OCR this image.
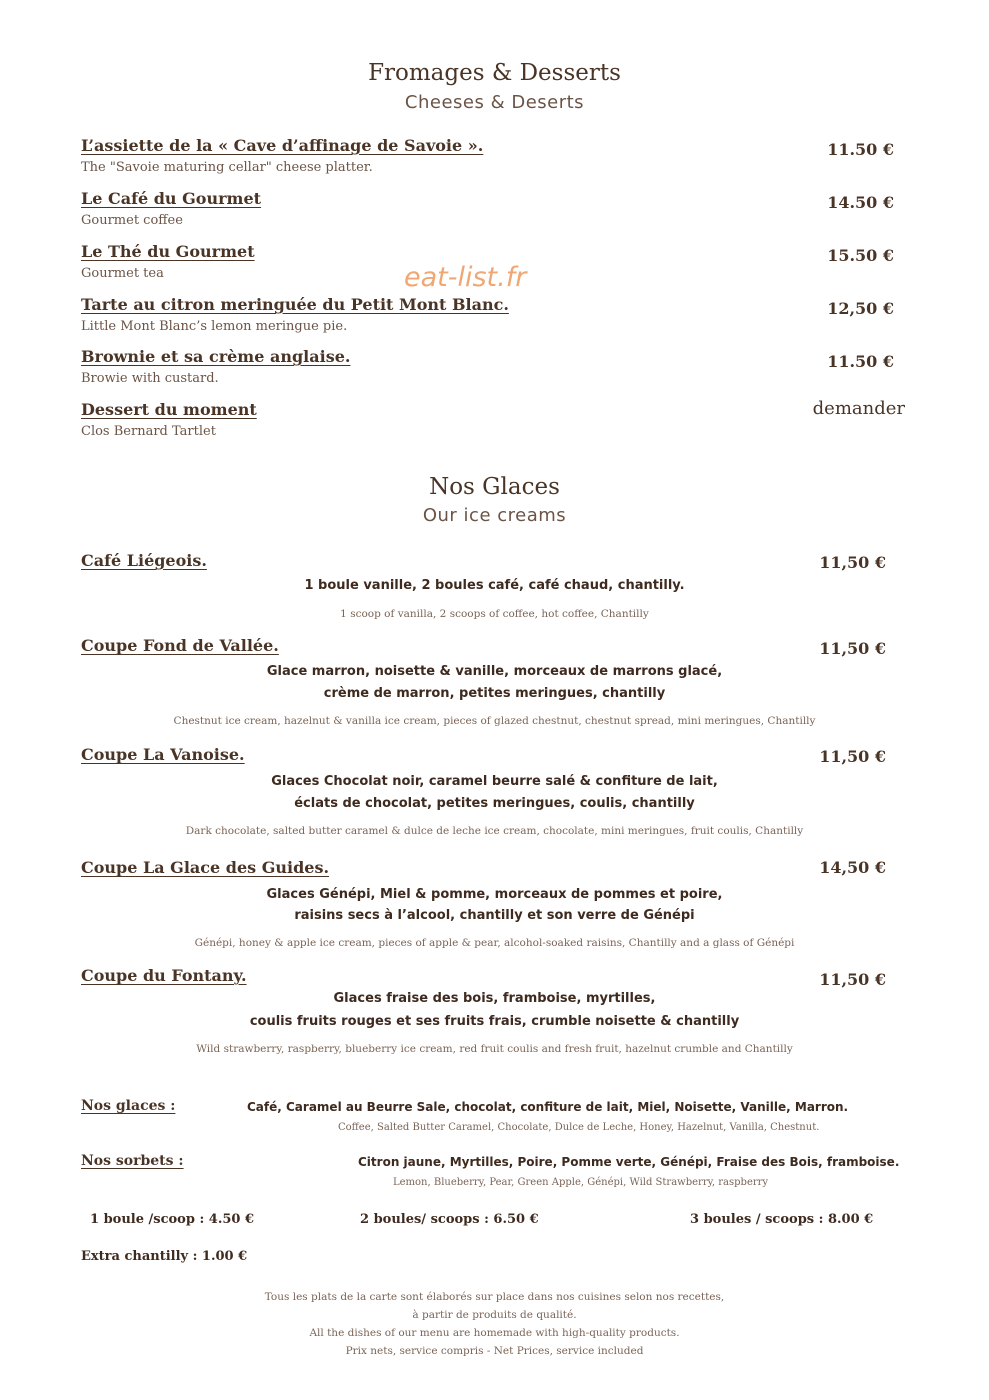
Fromages & Desserts
Cheeses & Deserts
eat-list.fr
L’assiette de la « Cave d’affinage de Savoie ».
The "Savoie maturing cellar" cheese platter.
11.50 €
Le Café du Gourmet
Gourmet coffee
14.50 €
Le Thé du Gourmet
Gourmet tea
15.50 €
Tarte au citron meringuée du Petit Mont Blanc.
Little Mont Blanc’s lemon meringue pie.
12,50 €
Brownie et sa crème anglaise.
Browie with custard.
11.50 €
Dessert du moment
Clos Bernard Tartlet
demander
Nos Glaces
Our ice creams
Café Liégeois.	11,50 €
1 boule vanille, 2 boules café, café chaud, chantilly.
1 scoop of vanilla, 2 scoops of coffee, hot coffee, Chantilly
Coupe Fond de Vallée.	11,50 €
Glace marron, noisette & vanille, morceaux de marrons glacé,
crème de marron, petites meringues, chantilly
Chestnut ice cream, hazelnut & vanilla ice cream, pieces of glazed chestnut, chestnut spread, mini meringues, Chantilly
Coupe La Vanoise.	11,50 €
Glaces Chocolat noir, caramel beurre salé & confiture de lait,
éclats de chocolat, petites meringues, coulis, chantilly
Dark chocolate, salted butter caramel & dulce de leche ice cream, chocolate, mini meringues, fruit coulis, Chantilly
Coupe La Glace des Guides.	14,50 €
Glaces Génépi, Miel & pomme, morceaux de pommes et poire,
raisins secs à l’alcool, chantilly et son verre de Génépi
Génépi, honey & apple ice cream, pieces of apple & pear, alcohol-soaked raisins, Chantilly and a glass of Génépi
Coupe du Fontany.	11,50 €
Glaces fraise des bois, framboise, myrtilles,
coulis fruits rouges et ses fruits frais, crumble noisette & chantilly
Wild strawberry, raspberry, blueberry ice cream, red fruit coulis and fresh fruit, hazelnut crumble and Chantilly
Nos glaces :	Café, Caramel au Beurre Sale, chocolat, confiture de lait, Miel, Noisette, Vanille, Marron.
Coffee, Salted Butter Caramel, Chocolate, Dulce de Leche, Honey, Hazelnut, Vanilla, Chestnut.
Nos sorbets :	Citron jaune, Myrtilles, Poire, Pomme verte, Génépi, Fraise des Bois, framboise.
Lemon, Blueberry, Pear, Green Apple, Génépi, Wild Strawberry, raspberry
1 boule /scoop : 4.50 €	2 boules/ scoops : 6.50 €	3 boules / scoops : 8.00 €
Extra chantilly : 1.00 €
Tous les plats de la carte sont élaborés sur place dans nos cuisines selon nos recettes,
à partir de produits de qualité.
All the dishes of our menu are homemade with high-quality products.
Prix nets, service compris - Net Prices, service included
